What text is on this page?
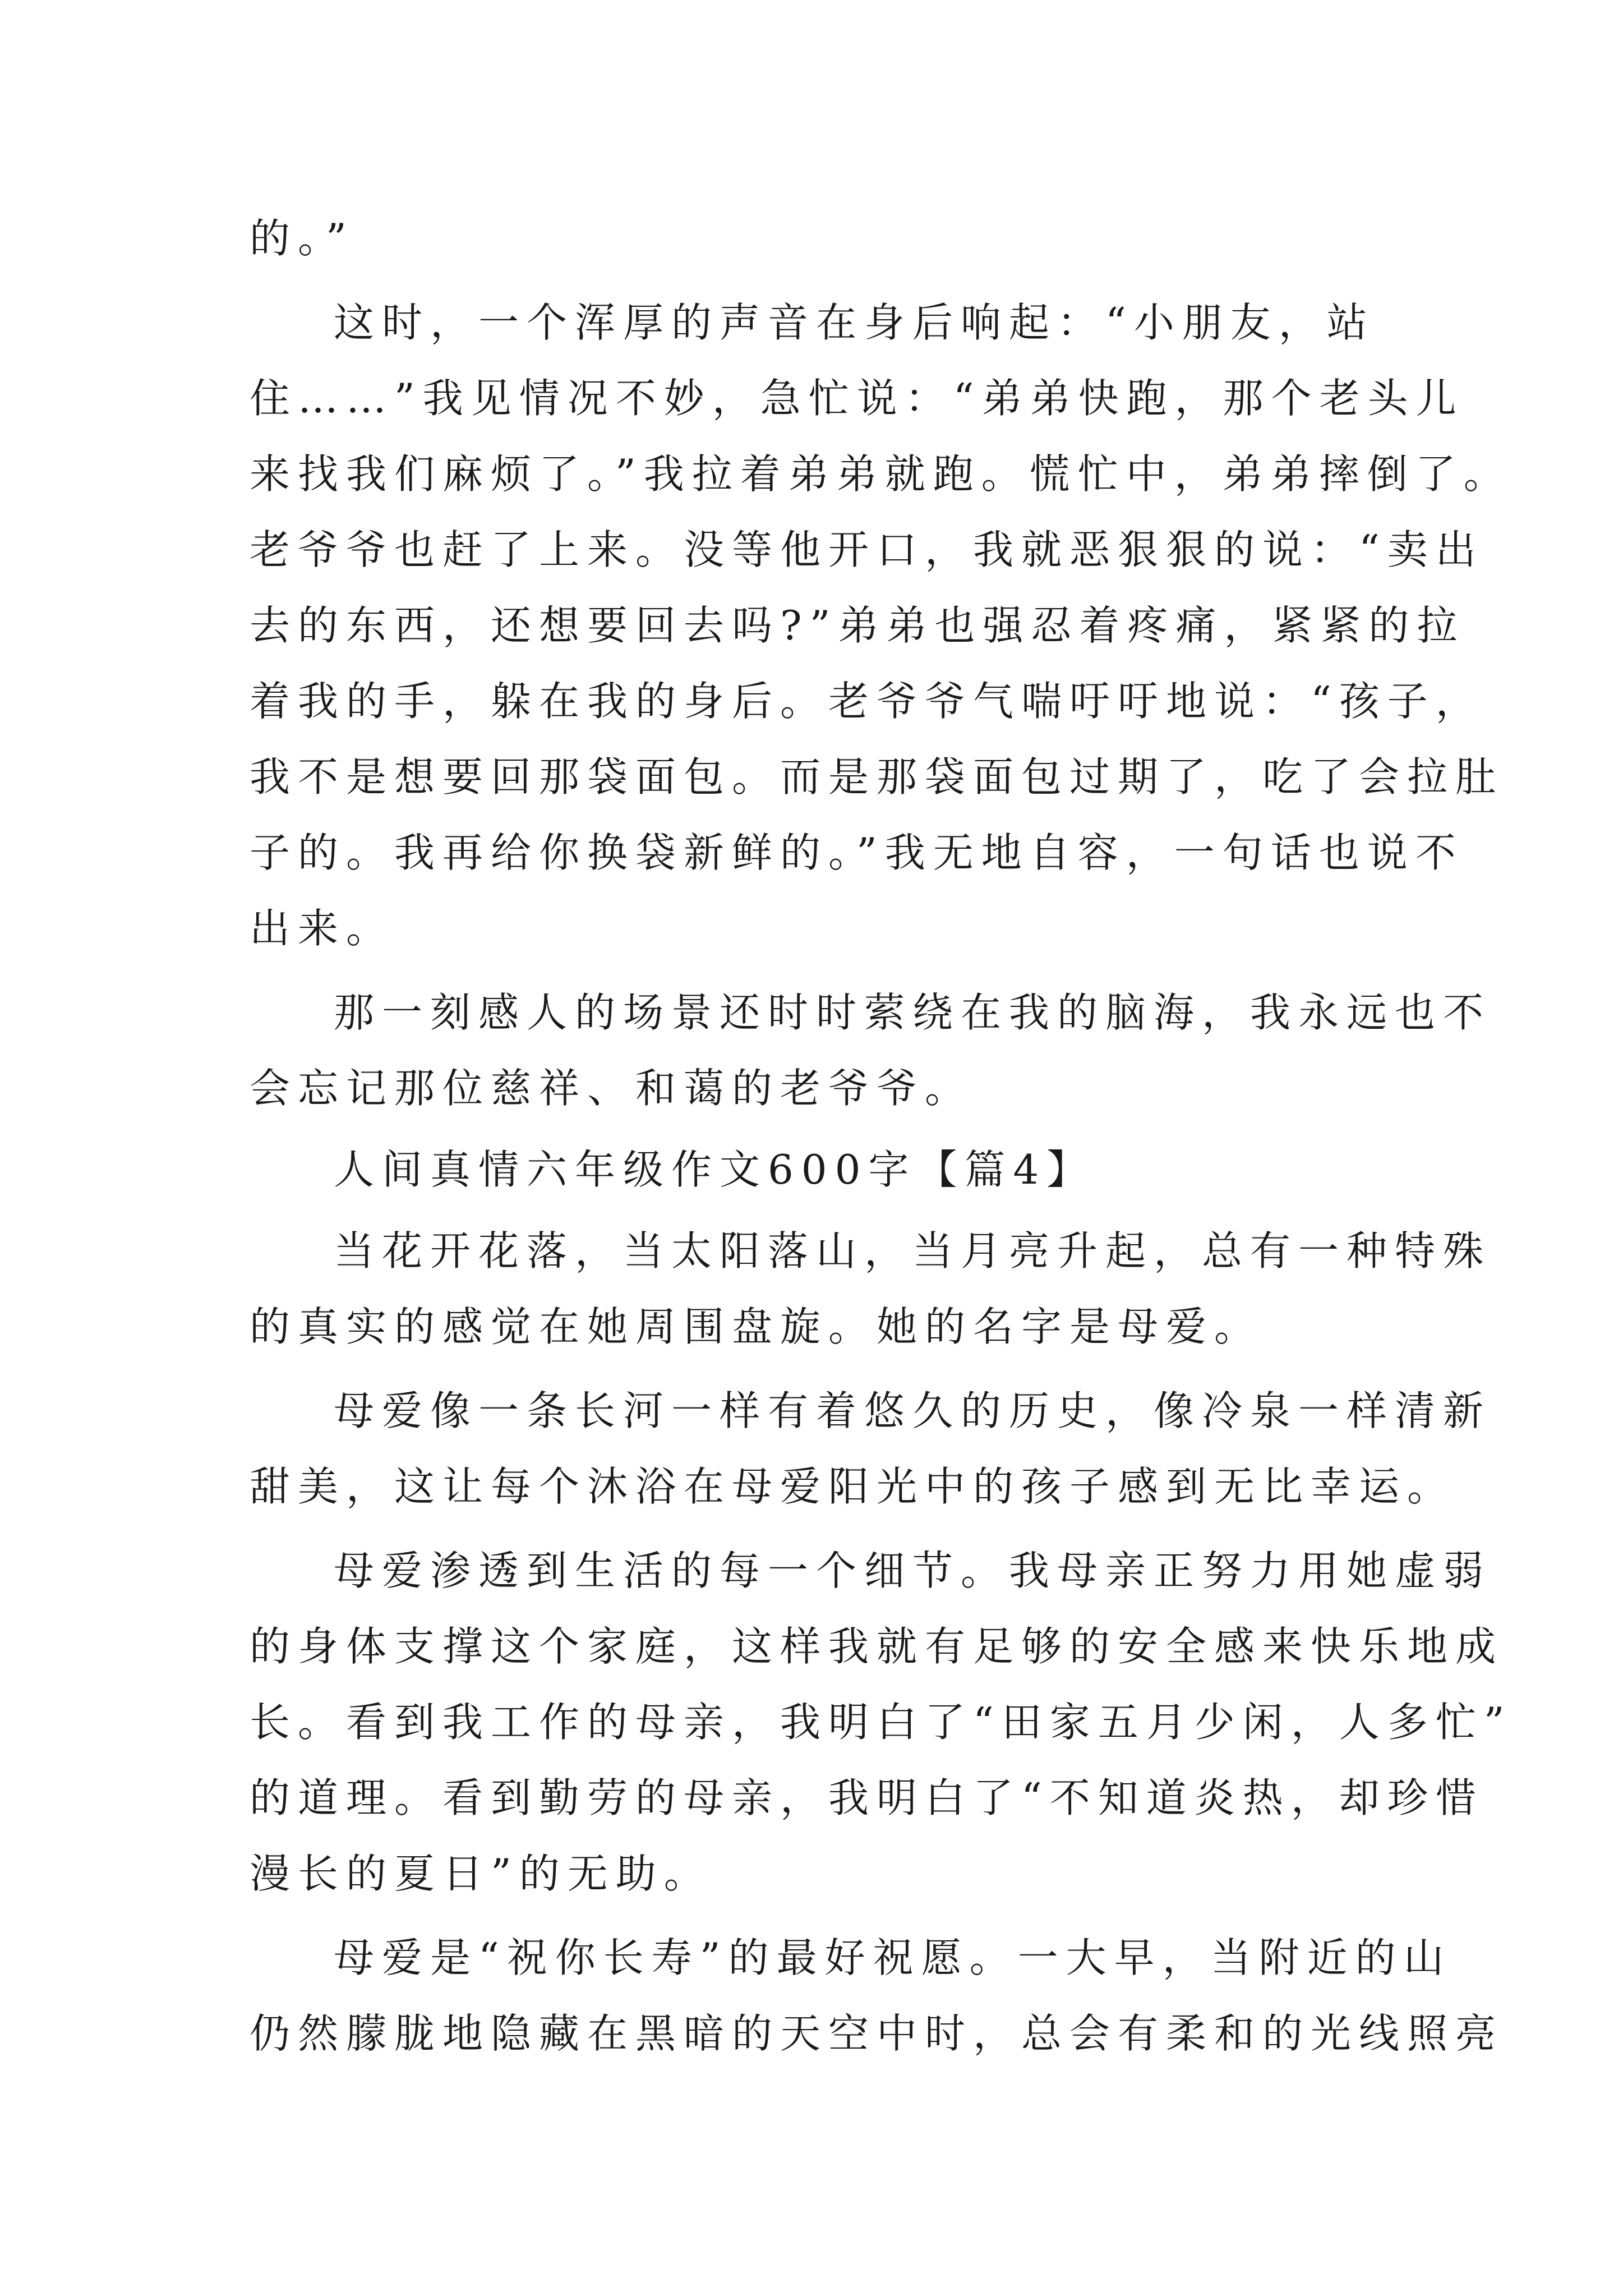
的。”
这时，一个浑厚的声音在身后响起：“小朋友，站
住……”我见情况不妙，急忙说：“弟弟快跑，那个老头儿
来找我们麻烦了。”我拉着弟弟就跑。慌忙中，弟弟摔倒了。
老爷爷也赶了上来。没等他开口，我就恶狠狠的说：“卖出
去的东西，还想要回去吗?”弟弟也强忍着疼痛，紧紧的拉
着我的手，躲在我的身后。老爷爷气喘吁吁地说：“孩子，
我不是想要回那袋面包。而是那袋面包过期了，吃了会拉肚
子的。我再给你换袋新鲜的。”我无地自容，一句话也说不
出来。
那一刻感人的场景还时时萦绕在我的脑海，我永远也不
会忘记那位慈祥、和蔼的老爷爷。
人间真情六年级作文600字【篇4】
当花开花落，当太阳落山，当月亮升起，总有一种特殊
的真实的感觉在她周围盘旋。她的名字是母爱。
母爱像一条长河一样有着悠久的历史，像冷泉一样清新
甜美，这让每个沐浴在母爱阳光中的孩子感到无比幸运。
母爱渗透到生活的每一个细节。我母亲正努力用她虚弱
的身体支撑这个家庭，这样我就有足够的安全感来快乐地成
长。看到我工作的母亲，我明白了“田家五月少闲，人多忙”
的道理。看到勤劳的母亲，我明白了“不知道炎热，却珍惜
漫长的夏日”的无助。
母爱是“祝你长寿”的最好祝愿。一大早，当附近的山
仍然朦胧地隐藏在黑暗的天空中时，总会有柔和的光线照亮
